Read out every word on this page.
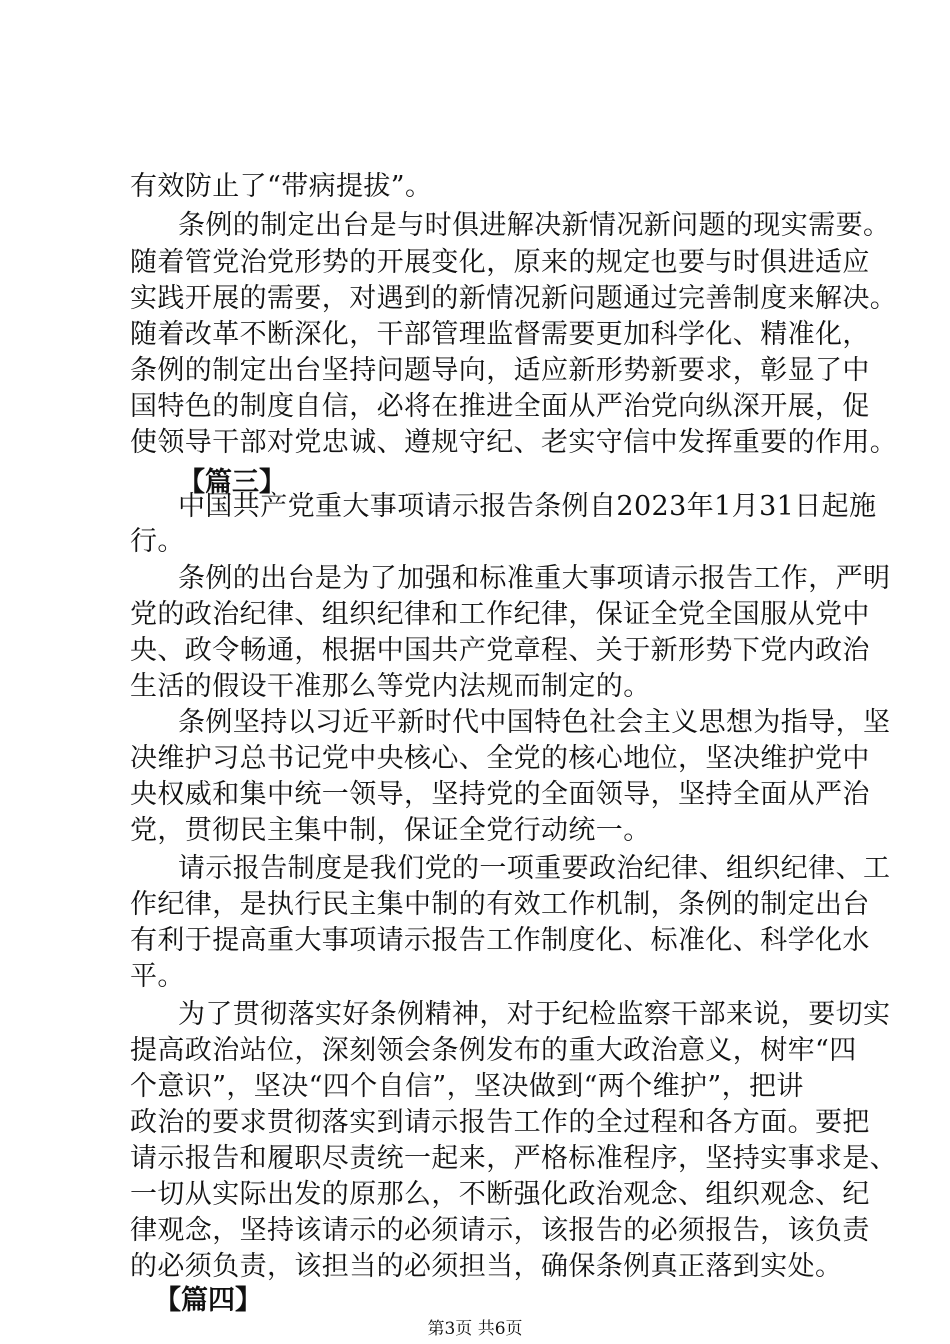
有效防止了“带病提拔”。
条例的制定出台是与时俱进解决新情况新问题的现实需要。
随着管党治党形势的开展变化，原来的规定也要与时俱进适应
实践开展的需要，对遇到的新情况新问题通过完善制度来解决。
随着改革不断深化，干部管理监督需要更加科学化、精准化，
条例的制定出台坚持问题导向，适应新形势新要求，彰显了中
国特色的制度自信，必将在推进全面从严治党向纵深开展，促
使领导干部对党忠诚、遵规守纪、老实守信中发挥重要的作用。
【篇三】
中国共产党重大事项请示报告条例自2023年1月31日起施
行。
条例的出台是为了加强和标准重大事项请示报告工作，严明
党的政治纪律、组织纪律和工作纪律，保证全党全国服从党中
央、政令畅通，根据中国共产党章程、关于新形势下党内政治
生活的假设干准那么等党内法规而制定的。
条例坚持以习近平新时代中国特色社会主义思想为指导，坚
决维护习总书记党中央核心、全党的核心地位，坚决维护党中
央权威和集中统一领导，坚持党的全面领导，坚持全面从严治
党，贯彻民主集中制，保证全党行动统一。
请示报告制度是我们党的一项重要政治纪律、组织纪律、工
作纪律，是执行民主集中制的有效工作机制，条例的制定出台
有利于提高重大事项请示报告工作制度化、标准化、科学化水
平。
为了贯彻落实好条例精神，对于纪检监察干部来说，要切实
提高政治站位，深刻领会条例发布的重大政治意义，树牢“四
个意识”，坚决“四个自信”，坚决做到“两个维护”，把讲
政治的要求贯彻落实到请示报告工作的全过程和各方面。要把
请示报告和履职尽责统一起来，严格标准程序，坚持实事求是、
一切从实际出发的原那么，不断强化政治观念、组织观念、纪
律观念，坚持该请示的必须请示，该报告的必须报告，该负责
的必须负责，该担当的必须担当，确保条例真正落到实处。
【篇四】
第3页 共6页
